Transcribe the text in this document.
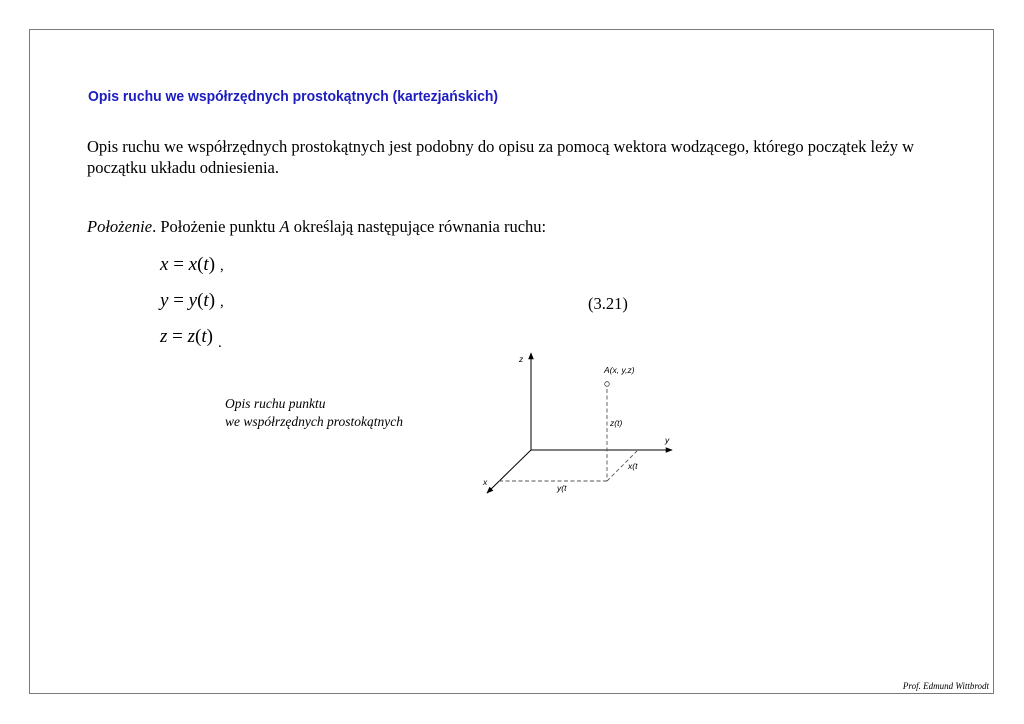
Opis ruchu we współrzędnych prostokątnych (kartezjańskich)
Opis ruchu we współrzędnych prostokątnych jest podobny do opisu za pomocą wektora wodzącego, którego początek leży w początku układu odniesienia.
Położenie. Położenie punktu A określają następujące równania ruchu:
x = x(t) ,
y = y(t) ,
z = z(t) $_.$
(3.21)
Opis ruchu punktu
we współrzędnych prostokątnych
z
y
x
A(x, y,z)
z(t)
x(t
y(t
Prof. Edmund Wittbrodt
